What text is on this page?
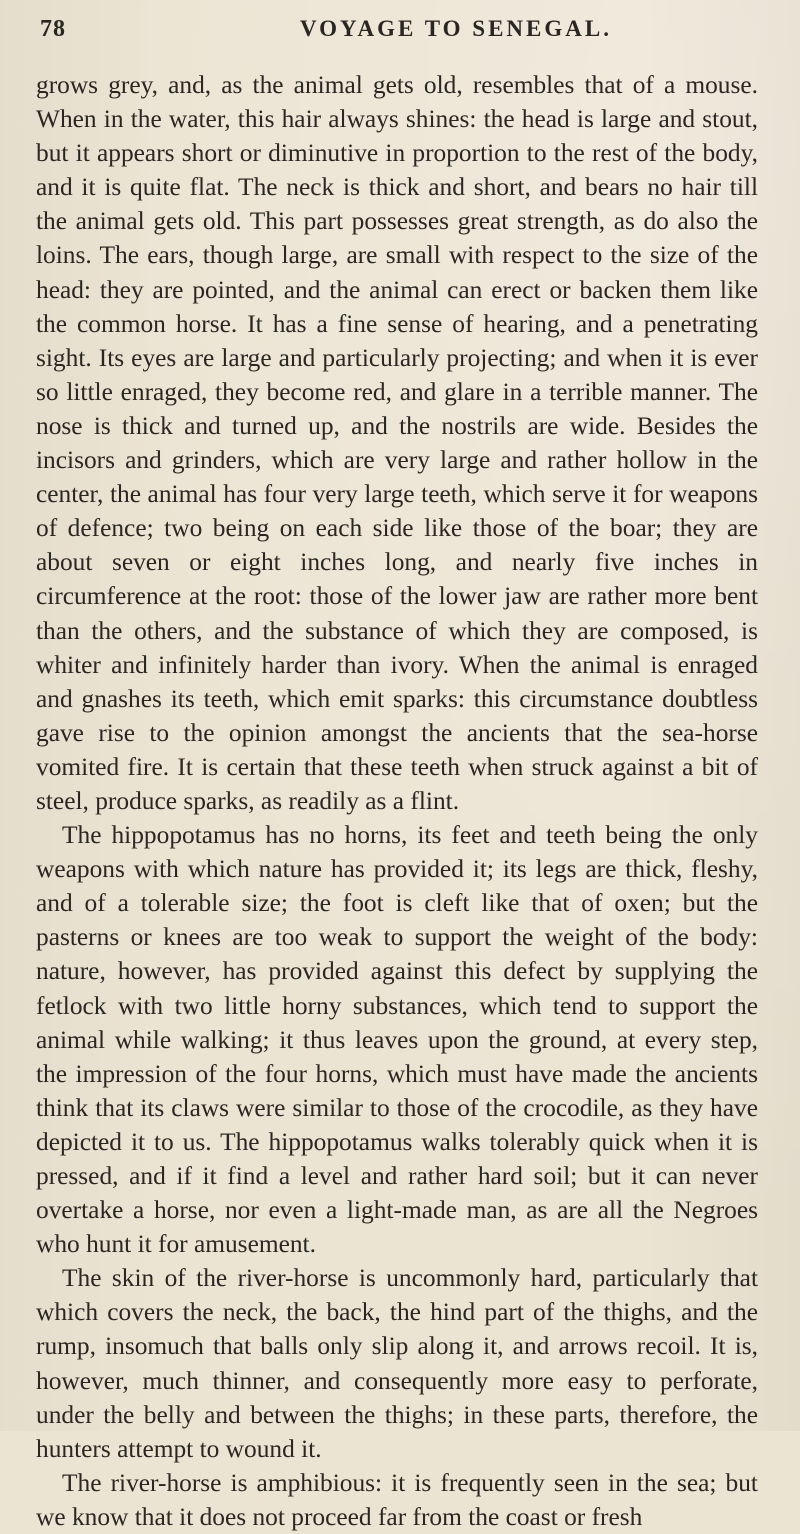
78	VOYAGE TO SENEGAL.

grows grey, and, as the animal gets old, resembles that of a mouse. When in the water, this hair always shines: the head is large and stout, but it appears short or diminutive in proportion to the rest of the body, and it is quite flat. The neck is thick and short, and bears no hair till the animal gets old. This part possesses great strength, as do also the loins. The ears, though large, are small with respect to the size of the head: they are pointed, and the animal can erect or backen them like the common horse. It has a fine sense of hearing, and a penetrating sight. Its eyes are large and particularly projecting; and when it is ever so little enraged, they become red, and glare in a terrible manner. The nose is thick and turned up, and the nostrils are wide. Besides the incisors and grinders, which are very large and rather hollow in the center, the animal has four very large teeth, which serve it for weapons of defence; two being on each side like those of the boar; they are about seven or eight inches long, and nearly five inches in circumference at the root: those of the lower jaw are rather more bent than the others, and the substance of which they are composed, is whiter and infinitely harder than ivory. When the animal is enraged and gnashes its teeth, which emit sparks: this circumstance doubtless gave rise to the opinion amongst the ancients that the sea-horse vomited fire. It is certain that these teeth when struck against a bit of steel, produce sparks, as readily as a flint.

The hippopotamus has no horns, its feet and teeth being the only weapons with which nature has provided it; its legs are thick, fleshy, and of a tolerable size; the foot is cleft like that of oxen; but the pasterns or knees are too weak to support the weight of the body: nature, however, has provided against this defect by supplying the fetlock with two little horny substances, which tend to support the animal while walking; it thus leaves upon the ground, at every step, the impression of the four horns, which must have made the ancients think that its claws were similar to those of the crocodile, as they have depicted it to us. The hippopotamus walks tolerably quick when it is pressed, and if it find a level and rather hard soil; but it can never overtake a horse, nor even a light-made man, as are all the Negroes who hunt it for amusement.

The skin of the river-horse is uncommonly hard, particularly that which covers the neck, the back, the hind part of the thighs, and the rump, insomuch that balls only slip along it, and arrows recoil. It is, however, much thinner, and consequently more easy to perforate, under the belly and between the thighs; in these parts, therefore, the hunters attempt to wound it.

The river-horse is amphibious: it is frequently seen in the sea; but we know that it does not proceed far from the coast or fresh
